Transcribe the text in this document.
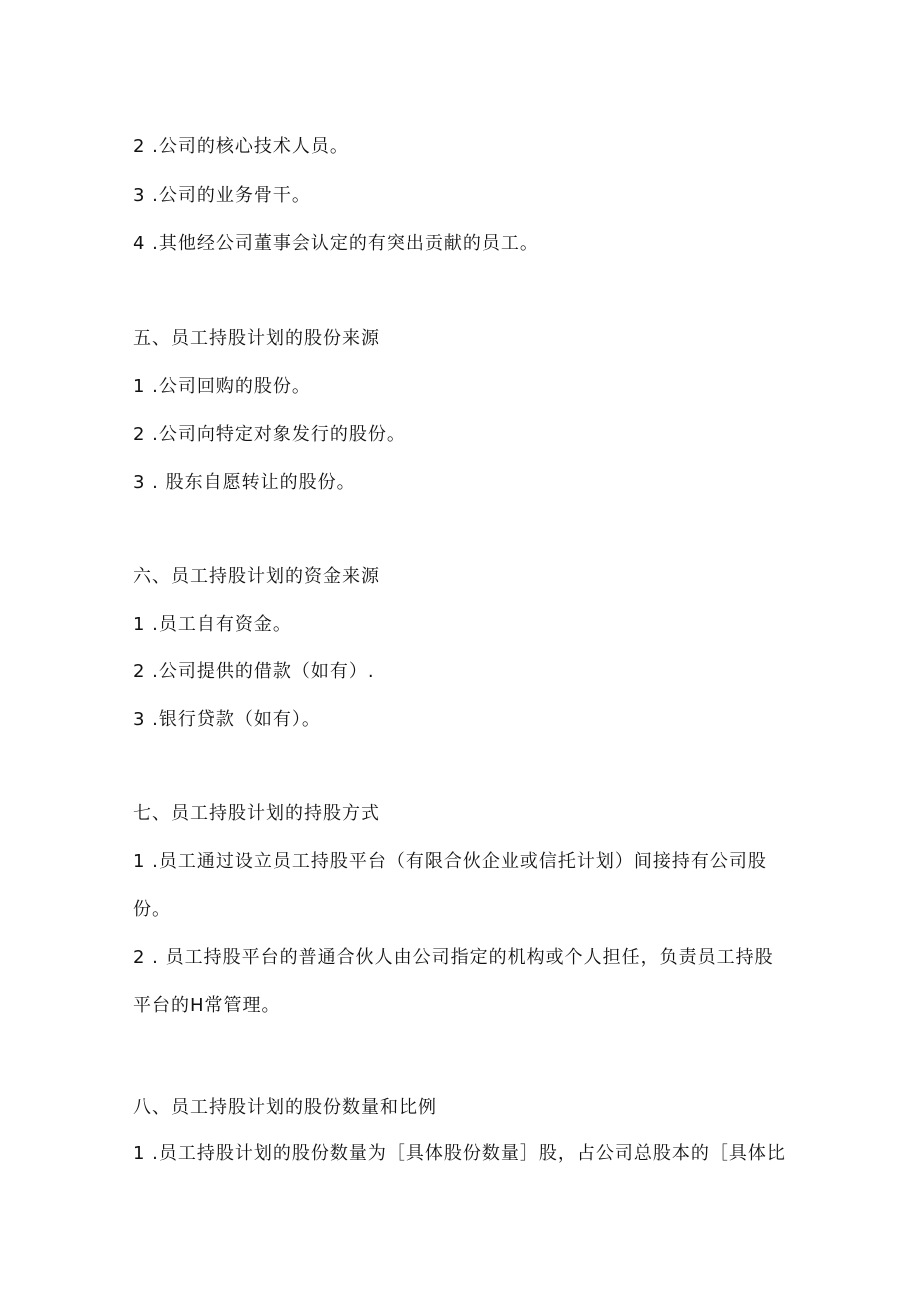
2 .公司的核心技术人员。
3 .公司的业务骨干。
4 .其他经公司董事会认定的有突出贡献的员工。
五、员工持股计划的股份来源
1 .公司回购的股份。
2 .公司向特定对象发行的股份。
3 . 股东自愿转让的股份。
六、员工持股计划的资金来源
1 .员工自有资金。
2 .公司提供的借款（如有）.
3 .银行贷款（如有）。
七、员工持股计划的持股方式
1 .员工通过设立员工持股平台（有限合伙企业或信托计划）间接持有公司股
份。
2 . 员工持股平台的普通合伙人由公司指定的机构或个人担任，负责员工持股
平台的H常管理。
八、员工持股计划的股份数量和比例
1 .员工持股计划的股份数量为［具体股份数量］股，占公司总股本的［具体比
